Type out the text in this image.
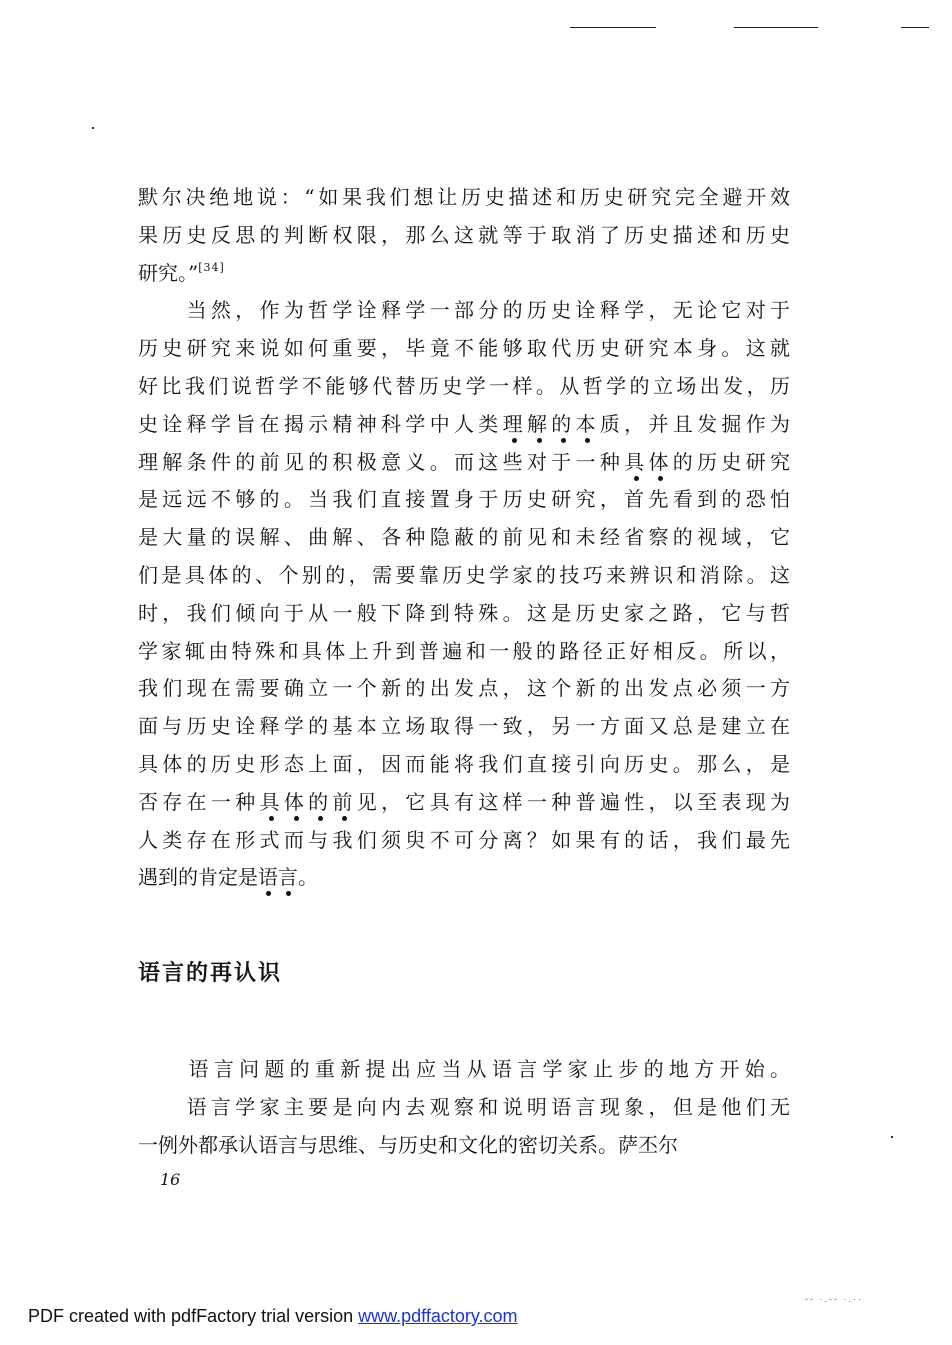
默尔决绝地说：“如果我们想让历史描述和历史研究完全避开效
果历史反思的判断权限，那么这就等于取消了历史描述和历史
研究。”[34]
　　当然，作为哲学诠释学一部分的历史诠释学，无论它对于
历史研究来说如何重要，毕竟不能够取代历史研究本身。这就
好比我们说哲学不能够代替历史学一样。从哲学的立场出发，历
史诠释学旨在揭示精神科学中人类理解的本质，并且发掘作为
理解条件的前见的积极意义。而这些对于一种具体的历史研究
是远远不够的。当我们直接置身于历史研究，首先看到的恐怕
是大量的误解、曲解、各种隐蔽的前见和未经省察的视域，它
们是具体的、个别的，需要靠历史学家的技巧来辨识和消除。这
时，我们倾向于从一般下降到特殊。这是历史家之路，它与哲
学家辄由特殊和具体上升到普遍和一般的路径正好相反。所以，
我们现在需要确立一个新的出发点，这个新的出发点必须一方
面与历史诠释学的基本立场取得一致，另一方面又总是建立在
具体的历史形态上面，因而能将我们直接引向历史。那么，是
否存在一种具体的前见，它具有这样一种普遍性，以至表现为
人类存在形式而与我们须臾不可分离？如果有的话，我们最先
遇到的肯定是语言。
语言的再认识
　　语言问题的重新提出应当从语言学家止步的地方开始。
　　语言学家主要是向内去观察和说明语言现象，但是他们无
一例外都承认语言与思维、与历史和文化的密切关系。萨丕尔
16
-- ·.-- ·.··
PDF created with pdfFactory trial version www.pdffactory.com
